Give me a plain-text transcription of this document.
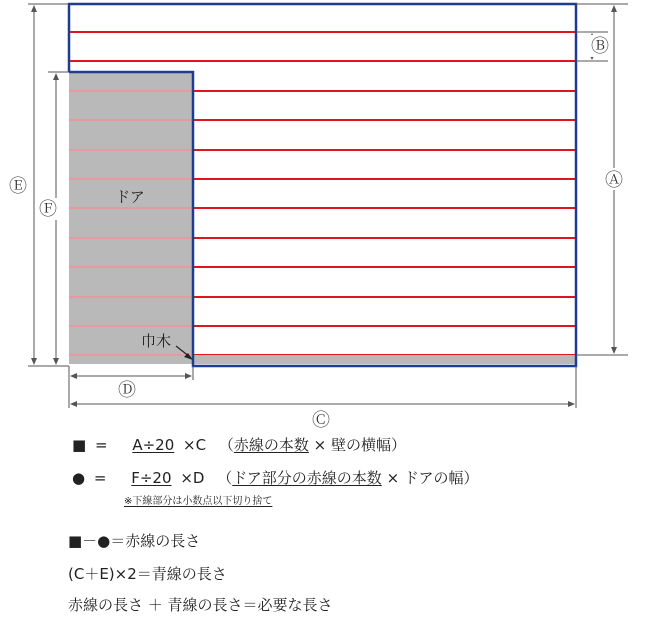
Ⓐ
Ⓑ
Ⓔ
Ⓕ
Ⓓ
Ⓒ
ドア
巾木
■ = A÷20 ×C （赤線の本数 × 壁の横幅）
● = F÷20 ×D （ドア部分の赤線の本数 × ドアの幅）
※下線部分は小数点以下切り捨て
■－●＝赤線の長さ
(C＋E)×2＝青線の長さ
赤線の長さ ＋ 青線の長さ＝必要な長さ
